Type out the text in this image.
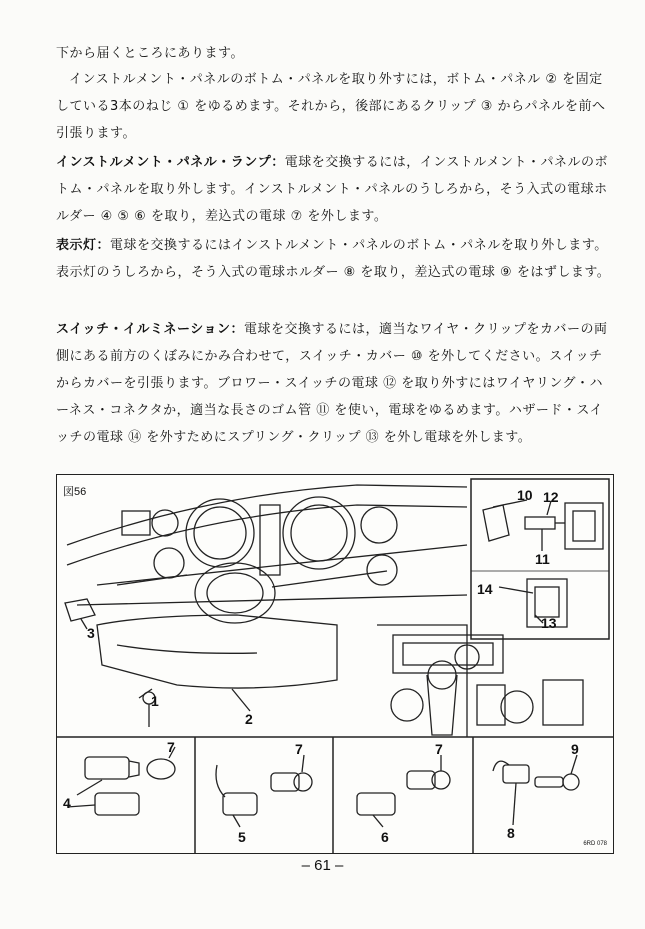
下から届くところにあります。

インストルメント・パネルのボトム・パネルを取り外すには，ボトム・パネル ② を固定している3本のねじ ① をゆるめます。それから，後部にあるクリップ ③ からパネルを前へ引張ります。

インストルメント・パネル・ランプ：電球を交換するには，インストルメント・パネルのボトム・パネルを取り外します。インストルメント・パネルのうしろから，そう入式の電球ホルダー ④ ⑤ ⑥ を取り，差込式の電球 ⑦ を外します。

表示灯：電球を交換するにはインストルメント・パネルのボトム・パネルを取り外します。表示灯のうしろから，そう入式の電球ホルダー ⑧ を取り，差込式の電球 ⑨ をはずします。

スイッチ・イルミネーション：電球を交換するには，適当なワイヤ・クリップをカバーの両側にある前方のくぼみにかみ合わせて，スイッチ・カバー ⑩ を外してください。スイッチからカバーを引張ります。ブロワー・スイッチの電球 ⑫ を取り外すにはワイヤリング・ハーネス・コネクタか，適当な長さのゴム管 ⑪ を使い，電球をゆるめます。ハザード・スイッチの電球 ⑭ を外すためにスプリング・クリップ ⑬ を外し電球を外します。

図56
1
2
3
4
5	6
7	7	7
8
9
10
11
12
13
14
6RD 078
– 61 –
